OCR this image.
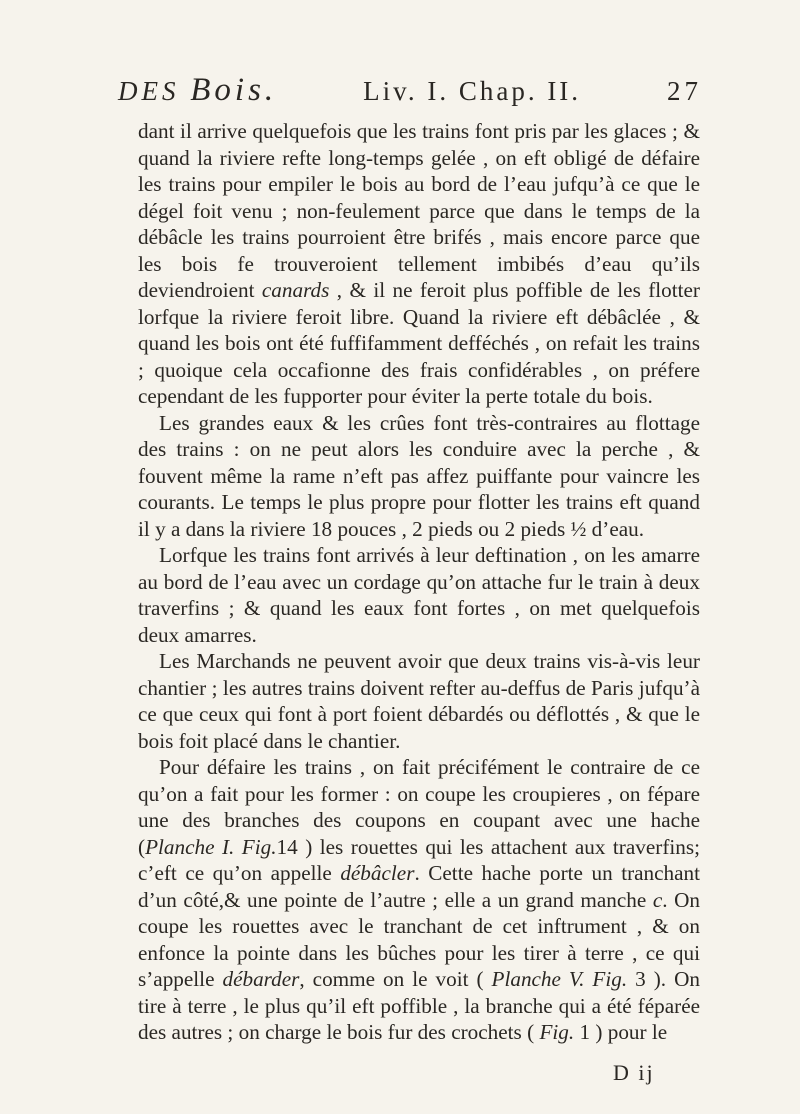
DES Bois.	Liv. I. Chap. II.	27

dant il arrive quelquefois que les trains font pris par les glaces ; & quand la riviere refte long-temps gelée , on eft obligé de défaire les trains pour empiler le bois au bord de l’eau jufqu’à ce que le dégel foit venu ; non-feulement parce que dans le temps de la débâcle les trains pourroient être brifés , mais encore parce que les bois fe trouveroient tellement imbibés d’eau qu’ils deviendroient canards , & il ne feroit plus poffible de les flotter lorfque la riviere feroit libre. Quand la riviere eft débâclée , & quand les bois ont été fuffifamment defféchés , on refait les trains ; quoique cela occafionne des frais confidérables , on préfere cependant de les fupporter pour éviter la perte totale du bois.

Les grandes eaux & les crûes font très-contraires au flottage des trains : on ne peut alors les conduire avec la perche , & fouvent même la rame n’eft pas affez puiffante pour vaincre les courants. Le temps le plus propre pour flotter les trains eft quand il y a dans la riviere 18 pouces , 2 pieds ou 2 pieds ½ d’eau.

Lorfque les trains font arrivés à leur deftination , on les amarre au bord de l’eau avec un cordage qu’on attache fur le train à deux traverfins ; & quand les eaux font fortes , on met quelquefois deux amarres.

Les Marchands ne peuvent avoir que deux trains vis-à-vis leur chantier ; les autres trains doivent refter au-deffus de Paris jufqu’à ce que ceux qui font à port foient débardés ou déflottés , & que le bois foit placé dans le chantier.

Pour défaire les trains , on fait précifément le contraire de ce qu’on a fait pour les former : on coupe les croupieres , on fépare une des branches des coupons en coupant avec une hache (Planche I. Fig.14 ) les rouettes qui les attachent aux traverfins; c’eft ce qu’on appelle débâcler. Cette hache porte un tranchant d’un côté,& une pointe de l’autre ; elle a un grand manche c. On coupe les rouettes avec le tranchant de cet inftrument , & on enfonce la pointe dans les bûches pour les tirer à terre , ce qui s’appelle débarder, comme on le voit ( Planche V. Fig. 3 ). On tire à terre , le plus qu’il eft poffible , la branche qui a été féparée des autres ; on charge le bois fur des crochets ( Fig. 1 ) pour le

D ij
